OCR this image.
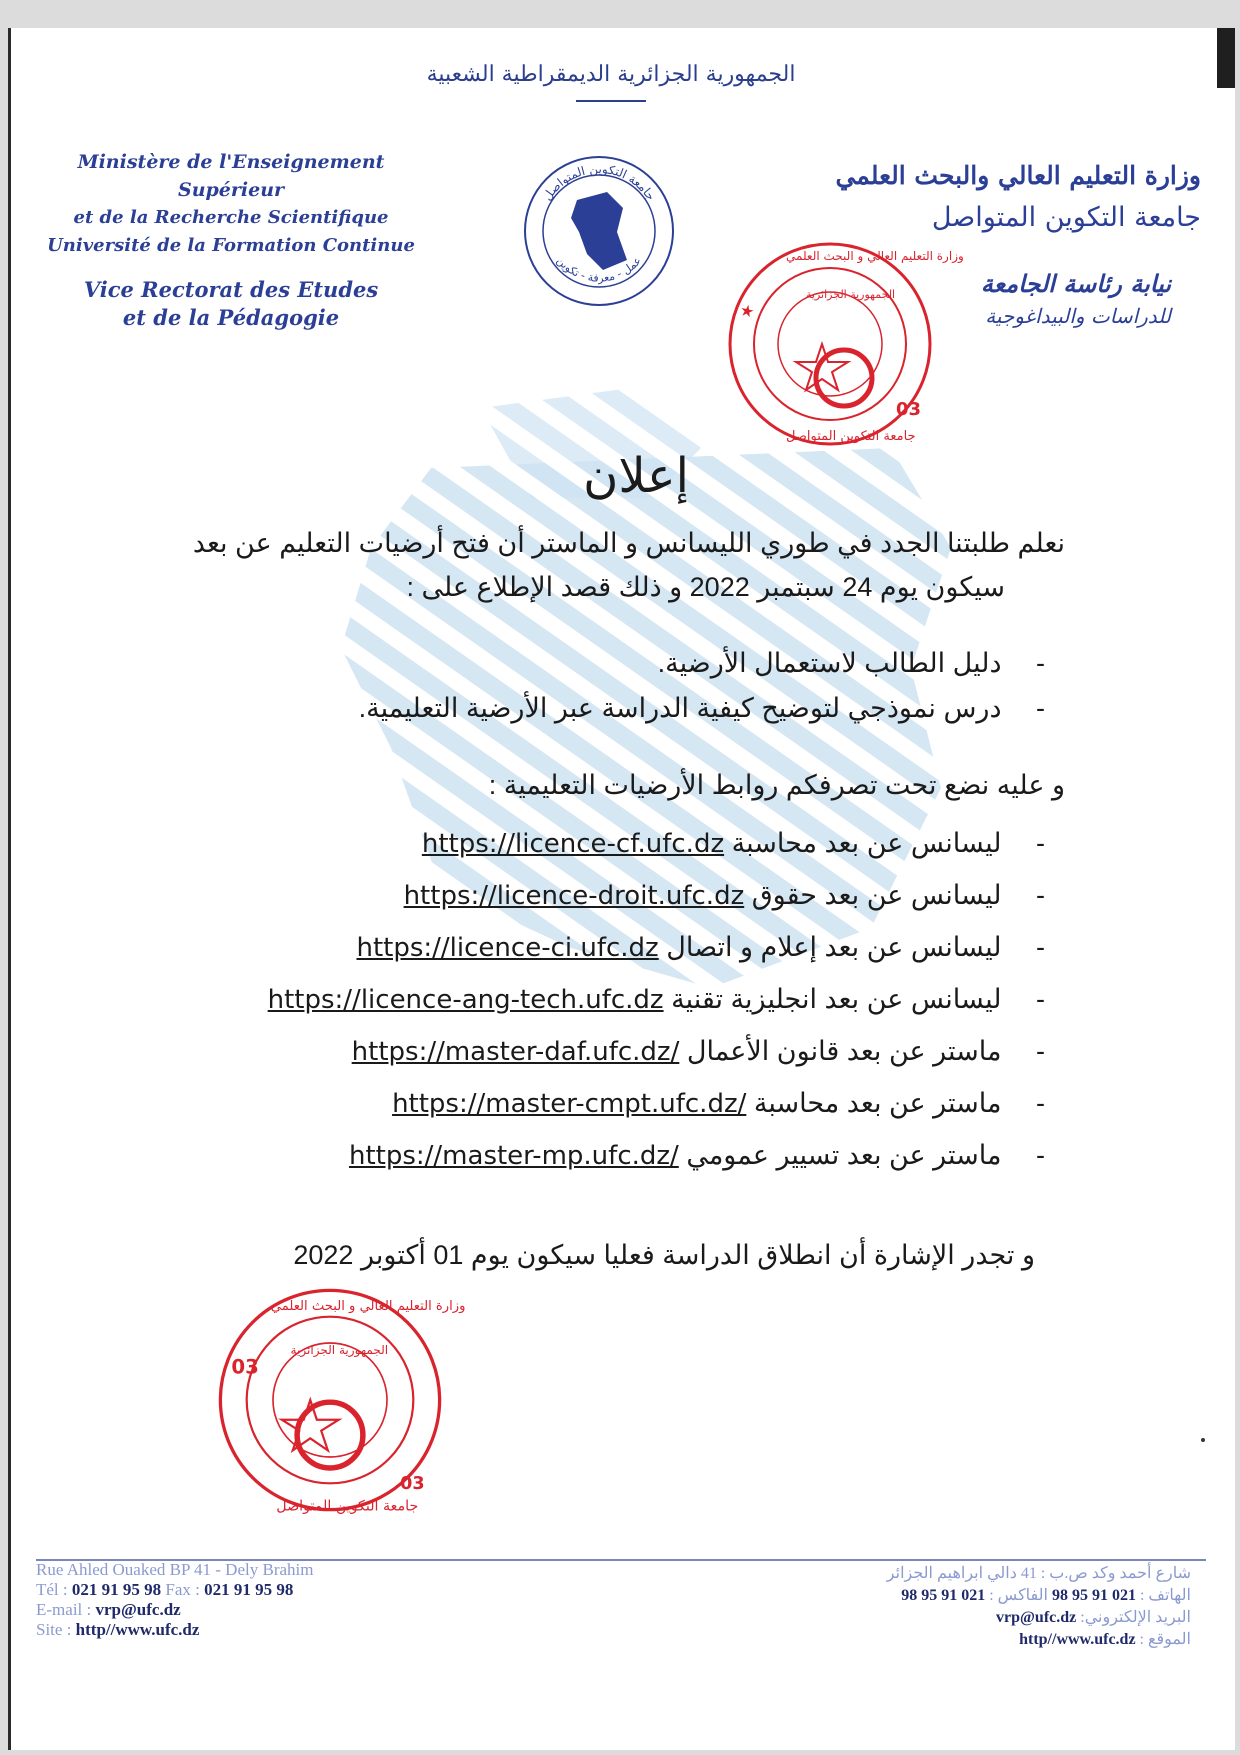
الجمهورية الجزائرية الديمقراطية الشعبية
Ministère de l'Enseignement Supérieur
et de la Recherche Scientifique
Université de la Formation Continue
Vice Rectorat des Etudes
et de la Pédagogie
جامعة التكوين المتواصل
عمل - معرفة - تكوين
وزارة التعليم العالي والبحث العلمي
جامعة التكوين المتواصل
نيابة رئاسة الجامعة
للدراسات والبيداغوجية
★
03
جامعة التكوين المتواصل
وزارة التعليم العالي و البحث العلمي
الجمهورية الجزائرية
إعلان
نعلم طلبتنا الجدد في طوري الليسانس و الماستر أن فتح أرضيات التعليم عن بعد
سيكون يوم 24 سبتمبر 2022 و ذلك قصد الإطلاع على :
- دليل الطالب لاستعمال الأرضية.
- درس نموذجي لتوضيح كيفية الدراسة عبر الأرضية التعليمية.
و عليه نضع تحت تصرفكم روابط الأرضيات التعليمية :
- ليسانس عن بعد محاسبة https://licence-cf.ufc.dz
- ليسانس عن بعد حقوق https://licence-droit.ufc.dz
- ليسانس عن بعد إعلام و اتصال https://licence-ci.ufc.dz
- ليسانس عن بعد انجليزية تقنية https://licence-ang-tech.ufc.dz
- ماستر عن بعد قانون الأعمال https://master-daf.ufc.dz/
- ماستر عن بعد محاسبة https://master-cmpt.ufc.dz/
- ماستر عن بعد تسيير عمومي https://master-mp.ufc.dz/
و تجدر الإشارة أن انطلاق الدراسة فعليا سيكون يوم 01 أكتوبر 2022
03
03
جامعة التكوين المتواصل
وزارة التعليم العالي و البحث العلمي
الجمهورية الجزائرية
Rue Ahled Ouaked BP 41 - Dely Brahim
Tél : 021 91 95 98 Fax : 021 91 95 98
E-mail : vrp@ufc.dz
Site : http//www.ufc.dz
شارع أحمد وكد ص.ب : 41 دالي ابراهيم الجزائر
الهاتف : 021 91 95 98 الفاكس : 021 91 95 98
البريد الإلكتروني: vrp@ufc.dz
الموقع : http//www.ufc.dz
